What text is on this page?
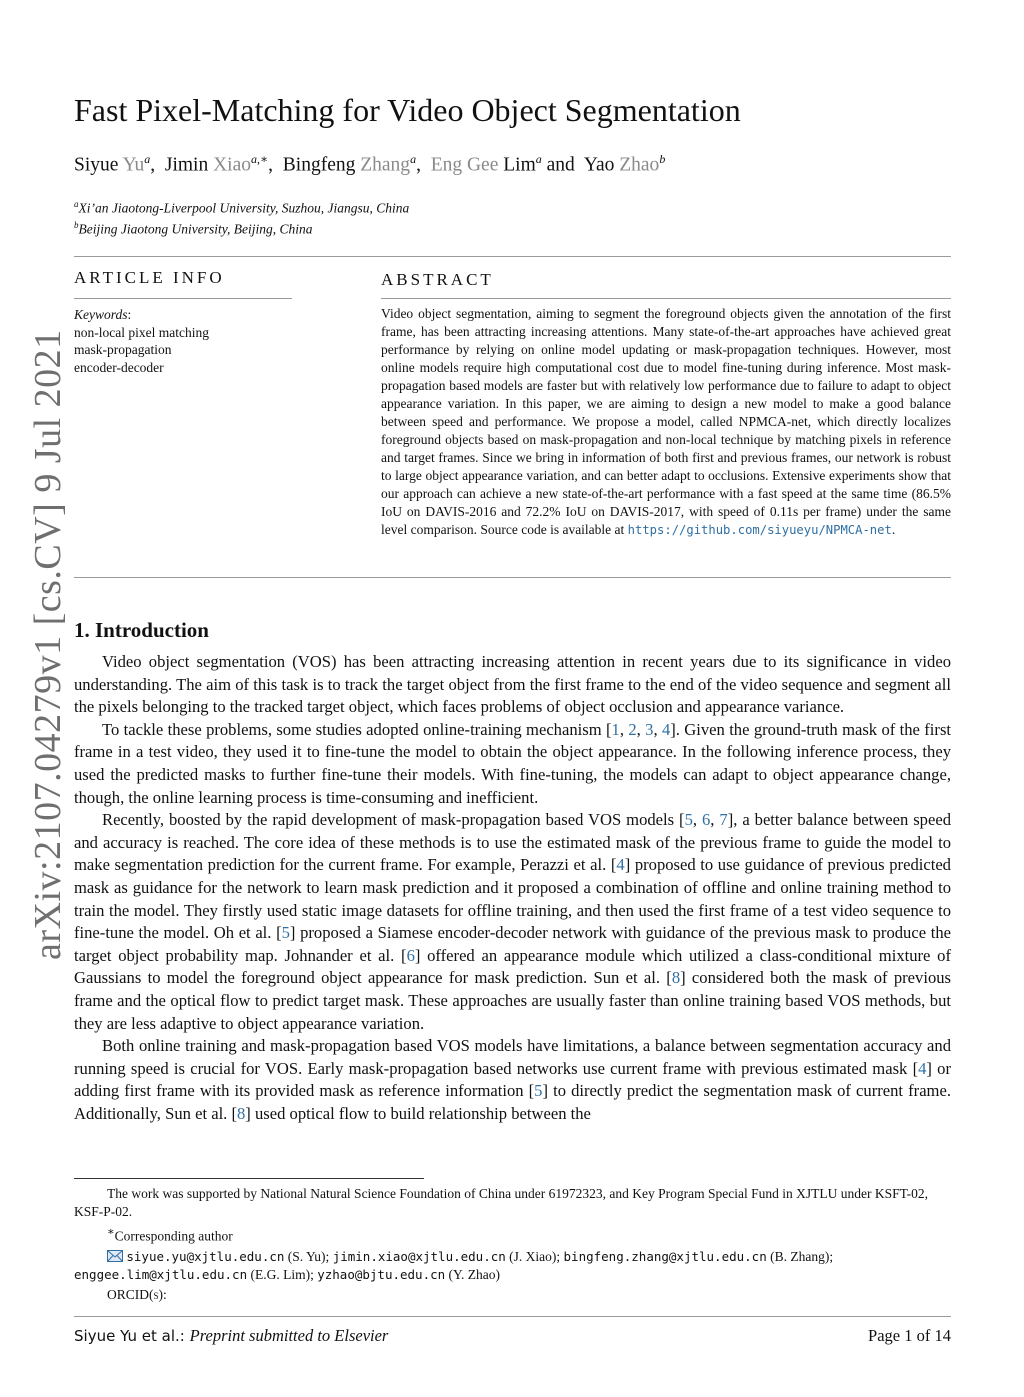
arXiv:2107.04279v1 [cs.CV] 9 Jul 2021
Fast Pixel-Matching for Video Object Segmentation
Siyue Yu$^a$,  Jimin Xiao$^{a,∗}$,  Bingfeng Zhang$^a$,  Eng Gee Lim$^a$ and Yao Zhao$^b$
$^a$Xi’an Jiaotong-Liverpool University, Suzhou, Jiangsu, China
$^b$Beijing Jiaotong University, Beijing, China
ARTICLE INFO
Keywords:
non-local pixel matching
mask-propagation
encoder-decoder
ABSTRACT
Video object segmentation, aiming to segment the foreground objects given the annotation of the first frame, has been attracting increasing attentions. Many state-of-the-art approaches have achieved great performance by relying on online model updating or mask-propagation techniques. However, most online models require high computational cost due to model fine-tuning during inference. Most mask-propagation based models are faster but with relatively low performance due to failure to adapt to object appearance variation. In this paper, we are aiming to design a new model to make a good balance between speed and performance. We propose a model, called NPMCA-net, which directly localizes foreground objects based on mask-propagation and non-local technique by matching pixels in reference and target frames. Since we bring in information of both first and previous frames, our network is robust to large object appearance variation, and can better adapt to occlusions. Extensive experiments show that our approach can achieve a new state-of-the-art performance with a fast speed at the same time (86.5% IoU on DAVIS-2016 and 72.2% IoU on DAVIS-2017, with speed of 0.11s per frame) under the same level comparison. Source code is available at https://github.com/siyueyu/NPMCA-net.
1. Introduction

Video object segmentation (VOS) has been attracting increasing attention in recent years due to its significance in video understanding. The aim of this task is to track the target object from the first frame to the end of the video sequence and segment all the pixels belonging to the tracked target object, which faces problems of object occlusion and appearance variance.

To tackle these problems, some studies adopted online-training mechanism [1, 2, 3, 4]. Given the ground-truth mask of the first frame in a test video, they used it to fine-tune the model to obtain the object appearance. In the following inference process, they used the predicted masks to further fine-tune their models. With fine-tuning, the models can adapt to object appearance change, though, the online learning process is time-consuming and inefficient.

Recently, boosted by the rapid development of mask-propagation based VOS models [5, 6, 7], a better balance between speed and accuracy is reached. The core idea of these methods is to use the estimated mask of the previous frame to guide the model to make segmentation prediction for the current frame. For example, Perazzi et al. [4] proposed to use guidance of previous predicted mask as guidance for the network to learn mask prediction and it proposed a combination of offline and online training method to train the model. They firstly used static image datasets for offline training, and then used the first frame of a test video sequence to fine-tune the model. Oh et al. [5] proposed a Siamese encoder-decoder network with guidance of the previous mask to produce the target object probability map. Johnander et al. [6] offered an appearance module which utilized a class-conditional mixture of Gaussians to model the foreground object appearance for mask prediction. Sun et al. [8] considered both the mask of previous frame and the optical flow to predict target mask. These approaches are usually faster than online training based VOS methods, but they are less adaptive to object appearance variation.

Both online training and mask-propagation based VOS models have limitations, a balance between segmentation accuracy and running speed is crucial for VOS. Early mask-propagation based networks use current frame with previous estimated mask [4] or adding first frame with its provided mask as reference information [5] to directly predict the segmentation mask of current frame. Additionally, Sun et al. [8] used optical flow to build relationship between the

The work was supported by National Natural Science Foundation of China under 61972323, and Key Program Special Fund in XJTLU under KSFT-02, KSF-P-02.

∗Corresponding author

siyue.yu@xjtlu.edu.cn (S. Yu); jimin.xiao@xjtlu.edu.cn (J. Xiao); bingfeng.zhang@xjtlu.edu.cn (B. Zhang); enggee.lim@xjtlu.edu.cn (E.G. Lim); yzhao@bjtu.edu.cn (Y. Zhao)

ORCID(s):

Siyue Yu et al.: Preprint submitted to Elsevier	Page 1 of 14
